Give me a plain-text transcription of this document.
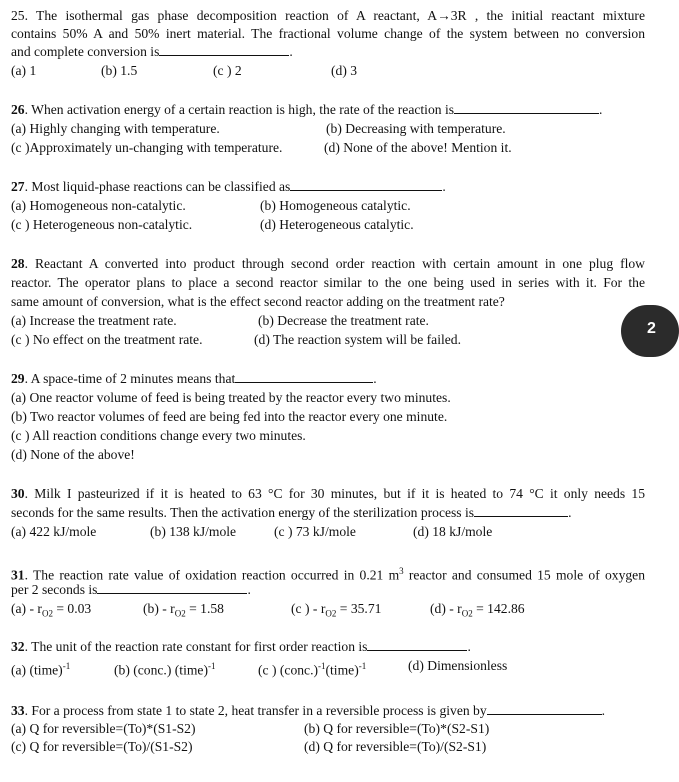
25. The isothermal gas phase decomposition reaction of A reactant, A→3R , the initial reactant mixture
contains 50% A and 50% inert material. The fractional volume change of the system between no conversion
and complete conversion is	.
(a) 1	(b) 1.5	(c ) 2	(d) 3
26. When activation energy of a certain reaction is high, the rate of the reaction is	.
(a) Highly changing with temperature.	(b) Decreasing with temperature.
(c )Approximately un-changing with temperature.	(d) None of the above! Mention it.
27. Most liquid-phase reactions can be classified as	.
(a) Homogeneous non-catalytic.	(b) Homogeneous catalytic.
(c ) Heterogeneous non-catalytic.	(d) Heterogeneous catalytic.
28. Reactant A converted into product through second order reaction with certain amount in one plug flow
reactor. The operator plans to place a second reactor similar to the one being used in series with it. For the
same amount of conversion, what is the effect second reactor adding on the treatment rate?
(a) Increase the treatment rate.	(b) Decrease the treatment rate.
(c ) No effect on the treatment rate.	(d) The reaction system will be failed.
29. A space-time of 2 minutes means that	.
(a) One reactor volume of feed is being treated by the reactor every two minutes.
(b) Two reactor volumes of feed are being fed into the reactor every one minute.
(c ) All reaction conditions change every two minutes.
(d) None of the above!
30. Milk I pasteurized if it is heated to 63 °C for 30 minutes, but if it is heated to 74 °C it only needs 15
seconds for the same results. Then the activation energy of the sterilization process is	.
(a) 422 kJ/mole	(b) 138 kJ/mole	(c ) 73 kJ/mole	(d) 18 kJ/mole
31. The reaction rate value of oxidation reaction occurred in 0.21 $m^3$ reactor and consumed 15 mole of oxygen
per 2 seconds is	.
$(a) - r_{O2} = 0.03$	$(b) - r_{O2} = 1.58$	(c ) - $r_{O2} = 35.71$	$(d) - r_{O2} = 142.86$
32. The unit of the reaction rate constant for first order reaction is	.
(a) (time)$^{-1}$	(b) (conc.) (time)$^{-1}$	(c ) (conc.)$^{-1}$(time)$^{-1}$	(d) Dimensionless
33. For a process from state 1 to state 2, heat transfer in a reversible process is given by	.
(a) Q for reversible=(To)*(S1-S2)	(b) Q for reversible=(To)*(S2-S1)
(c) Q for reversible=(To)/(S1-S2)	(d) Q for reversible=(To)/(S2-S1)
2
